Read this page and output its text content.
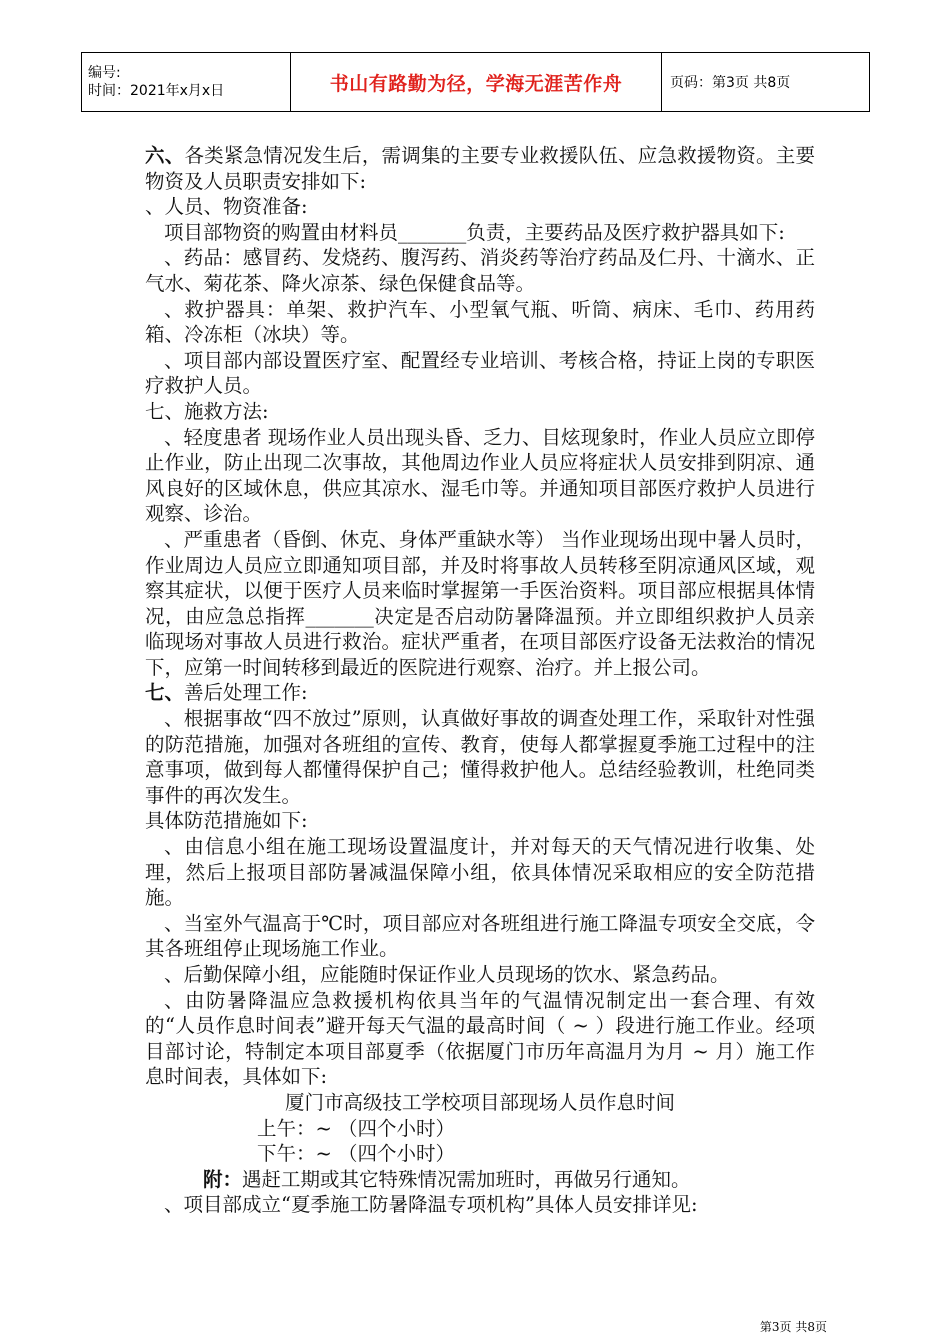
编号:
时间：2021年x月x日	书山有路勤为径，学海无涯苦作舟	页码：第3页 共8页

六、各类紧急情况发生后，需调集的主要专业救援队伍、应急救援物资。主要物资及人员职责安排如下:

、人员、物资准备:

项目部物资的购置由材料员_______负责，主要药品及医疗救护器具如下:

、药品：感冒药、发烧药、腹泻药、消炎药等治疗药品及仁丹、十滴水、正气水、菊花茶、降火凉茶、绿色保健食品等。

、救护器具：单架、救护汽车、小型氧气瓶、听筒、病床、毛巾、药用药箱、冷冻柜（冰块）等。

、项目部内部设置医疗室、配置经专业培训、考核合格，持证上岗的专职医疗救护人员。

七、施救方法:

、轻度患者 现场作业人员出现头昏、乏力、目炫现象时，作业人员应立即停止作业，防止出现二次事故，其他周边作业人员应将症状人员安排到阴凉、通风良好的区域休息，供应其凉水、湿毛巾等。并通知项目部医疗救护人员进行观察、诊治。

、严重患者（昏倒、休克、身体严重缺水等） 当作业现场出现中暑人员时，作业周边人员应立即通知项目部，并及时将事故人员转移至阴凉通风区域，观察其症状，以便于医疗人员来临时掌握第一手医治资料。项目部应根据具体情况，由应急总指挥_______决定是否启动防暑降温预。并立即组织救护人员亲临现场对事故人员进行救治。症状严重者，在项目部医疗设备无法救治的情况下，应第一时间转移到最近的医院进行观察、治疗。并上报公司。

七、善后处理工作:

、根据事故“四不放过”原则，认真做好事故的调查处理工作，采取针对性强的防范措施，加强对各班组的宣传、教育，使每人都掌握夏季施工过程中的注意事项，做到每人都懂得保护自己；懂得救护他人。总结经验教训，杜绝同类事件的再次发生。

具体防范措施如下:

、由信息小组在施工现场设置温度计，并对每天的天气情况进行收集、处理，然后上报项目部防暑减温保障小组，依具体情况采取相应的安全防范措施。

、当室外气温高于℃时，项目部应对各班组进行施工降温专项安全交底，令其各班组停止现场施工作业。

、后勤保障小组，应能随时保证作业人员现场的饮水、紧急药品。

、由防暑降温应急救援机构依具当年的气温情况制定出一套合理、有效的“人员作息时间表”避开每天气温的最高时间（ ~ ）段进行施工作业。经项目部讨论，特制定本项目部夏季（依据厦门市历年高温月为月 ~ 月）施工作息时间表，具体如下:

厦门市高级技工学校项目部现场人员作息时间

上午：~ （四个小时）

下午：~ （四个小时）

附：遇赶工期或其它特殊情况需加班时，再做另行通知。

、项目部成立“夏季施工防暑降温专项机构”具体人员安排详见:

第3页 共8页
